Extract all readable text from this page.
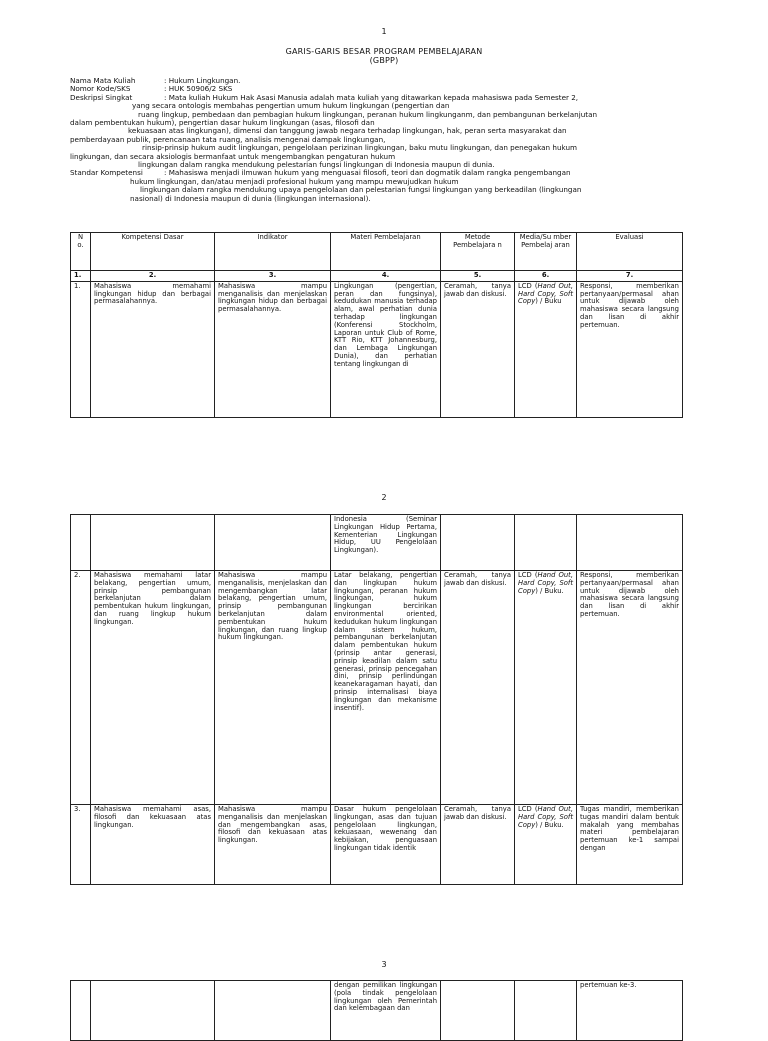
1
GARIS-GARIS BESAR PROGRAM PEMBELAJARAN
(GBPP)
Nama Mata Kuliah	: Hukum Lingkungan.
Nomor Kode/SKS	: HUK 50906/2 SKS
Deskripsi Singkat	: Mata kuliah Hukum Hak Asasi Manusia adalah mata kuliah yang ditawarkan kepada mahasiswa pada Semester 2,
yang secara ontologis membahas pengertian umum hukum lingkungan (pengertian dan
ruang lingkup, pembedaan dan pembagian hukum lingkungan, peranan hukum lingkunganm, dan pembangunan berkelanjutan
dalam pembentukan hukum), pengertian dasar hukum lingkungan (asas, filosofi dan
kekuasaan atas lingkungan), dimensi dan tanggung jawab negara terhadap lingkungan, hak, peran serta masyarakat dan
pemberdayaan publik, perencanaan tata ruang, analisis mengenai dampak lingkungan,
rinsip-prinsip hukum audit lingkungan, pengelolaan perizinan lingkungan, baku mutu lingkungan, dan penegakan hukum
lingkungan, dan secara aksiologis bermanfaat untuk mengembangkan pengaturan hukum
lingkungan dalam rangka mendukung pelestarian fungsi lingkungan di Indonesia maupun di dunia.
Standar Kompetensi	: Mahasiswa menjadi ilmuwan hukum yang menguasai filosofi, teori dan dogmatik dalam rangka pengembangan
hukum lingkungan, dan/atau menjadi profesional hukum yang mampu mewujudkan hukum
lingkungan dalam rangka mendukung upaya pengelolaan dan pelestarian fungsi lingkungan yang berkeadilan (lingkungan
nasional) di Indonesia maupun di dunia (lingkungan internasional).
N o.	Kompetensi Dasar	Indikator	Materi Pembelajaran	Metode Pembelajara n	Media/Su mber Pembelaj aran	Evaluasi
1.	2.	3.	4.	5.	6.	7.
1.	Mahasiswa memahami lingkungan hidup dan berbagai permasalahannya.	Mahasiswa mampu menganalisis dan menjelaskan lingkungan hidup dan berbagai permasalahannya.	Lingkungan (pengertian, peran dan fungsinya), kedudukan manusia terhadap alam, awal perhatian dunia terhadap lingkungan (Konferensi Stockholm, Laporan untuk Club of Rome, KTT Rio, KTT Johannesburg, dan Lembaga Lingkungan Dunia), dan perhatian tentang lingkungan di	Ceramah, tanya jawab dan diskusi.	LCD (Hand Out, Hard Copy, Soft Copy) / Buku	Responsi, memberikan pertanyaan/permasal ahan untuk dijawab oleh mahasiswa secara langsung dan lisan di akhir pertemuan.
2
			Indonesia (Seminar Lingkungan Hidup Pertama, Kementerian Lingkungan Hidup, UU Pengelolaan Lingkungan).			
2.	Mahasiswa memahami latar belakang, pengertian umum, prinsip pembangunan berkelanjutan dalam pembentukan hukum lingkungan, dan ruang lingkup hukum lingkungan.	Mahasiswa mampu menganalisis, menjelaskan dan mengembangkan latar belakang, pengertian umum, prinsip pembangunan berkelanjutan dalam pembentukan hukum lingkungan, dan ruang lingkup hukum lingkungan.	Latar belakang, pengertian dan lingkupan hukum lingkungan, peranan hukum lingkungan, hukum lingkungan bercirikan environmental oriented, kedudukan hukum lingkungan dalam sistem hukum, pembangunan berkelanjutan dalam pembentukan hukum (prinsip antar generasi, prinsip keadilan dalam satu generasi, prinsip pencegahan dini, prinsip perlindungan keanekaragaman hayati, dan prinsip internalisasi biaya lingkungan dan mekanisme insentif).	Ceramah, tanya jawab dan diskusi.	LCD (Hand Out, Hard Copy, Soft Copy) / Buku.	Responsi, memberikan pertanyaan/permasal ahan untuk dijawab oleh mahasiswa secara langsung dan lisan di akhir pertemuan.
3.	Mahasiswa memahami asas, filosofi dan kekuasaan atas lingkungan.	Mahasiswa mampu menganalisis dan menjelaskan dan mengembangkan asas, filosofi dan kekuasaan atas lingkungan.	Dasar hukum pengelolaan lingkungan, asas dan tujuan pengelolaan lingkungan, kekuasaan, wewenang dan kebijakan, penguasaan lingkungan tidak identik	Ceramah, tanya jawab dan diskusi.	LCD (Hand Out, Hard Copy, Soft Copy) / Buku.	Tugas mandiri, memberikan tugas mandiri dalam bentuk makalah yang membahas materi pembelajaran pertemuan ke-1 sampai dengan
3
			dengan pemilikan lingkungan (pola tindak pengelolaan lingkungan oleh Pemerintah dan kelembagaan dan			pertemuan ke-3.
